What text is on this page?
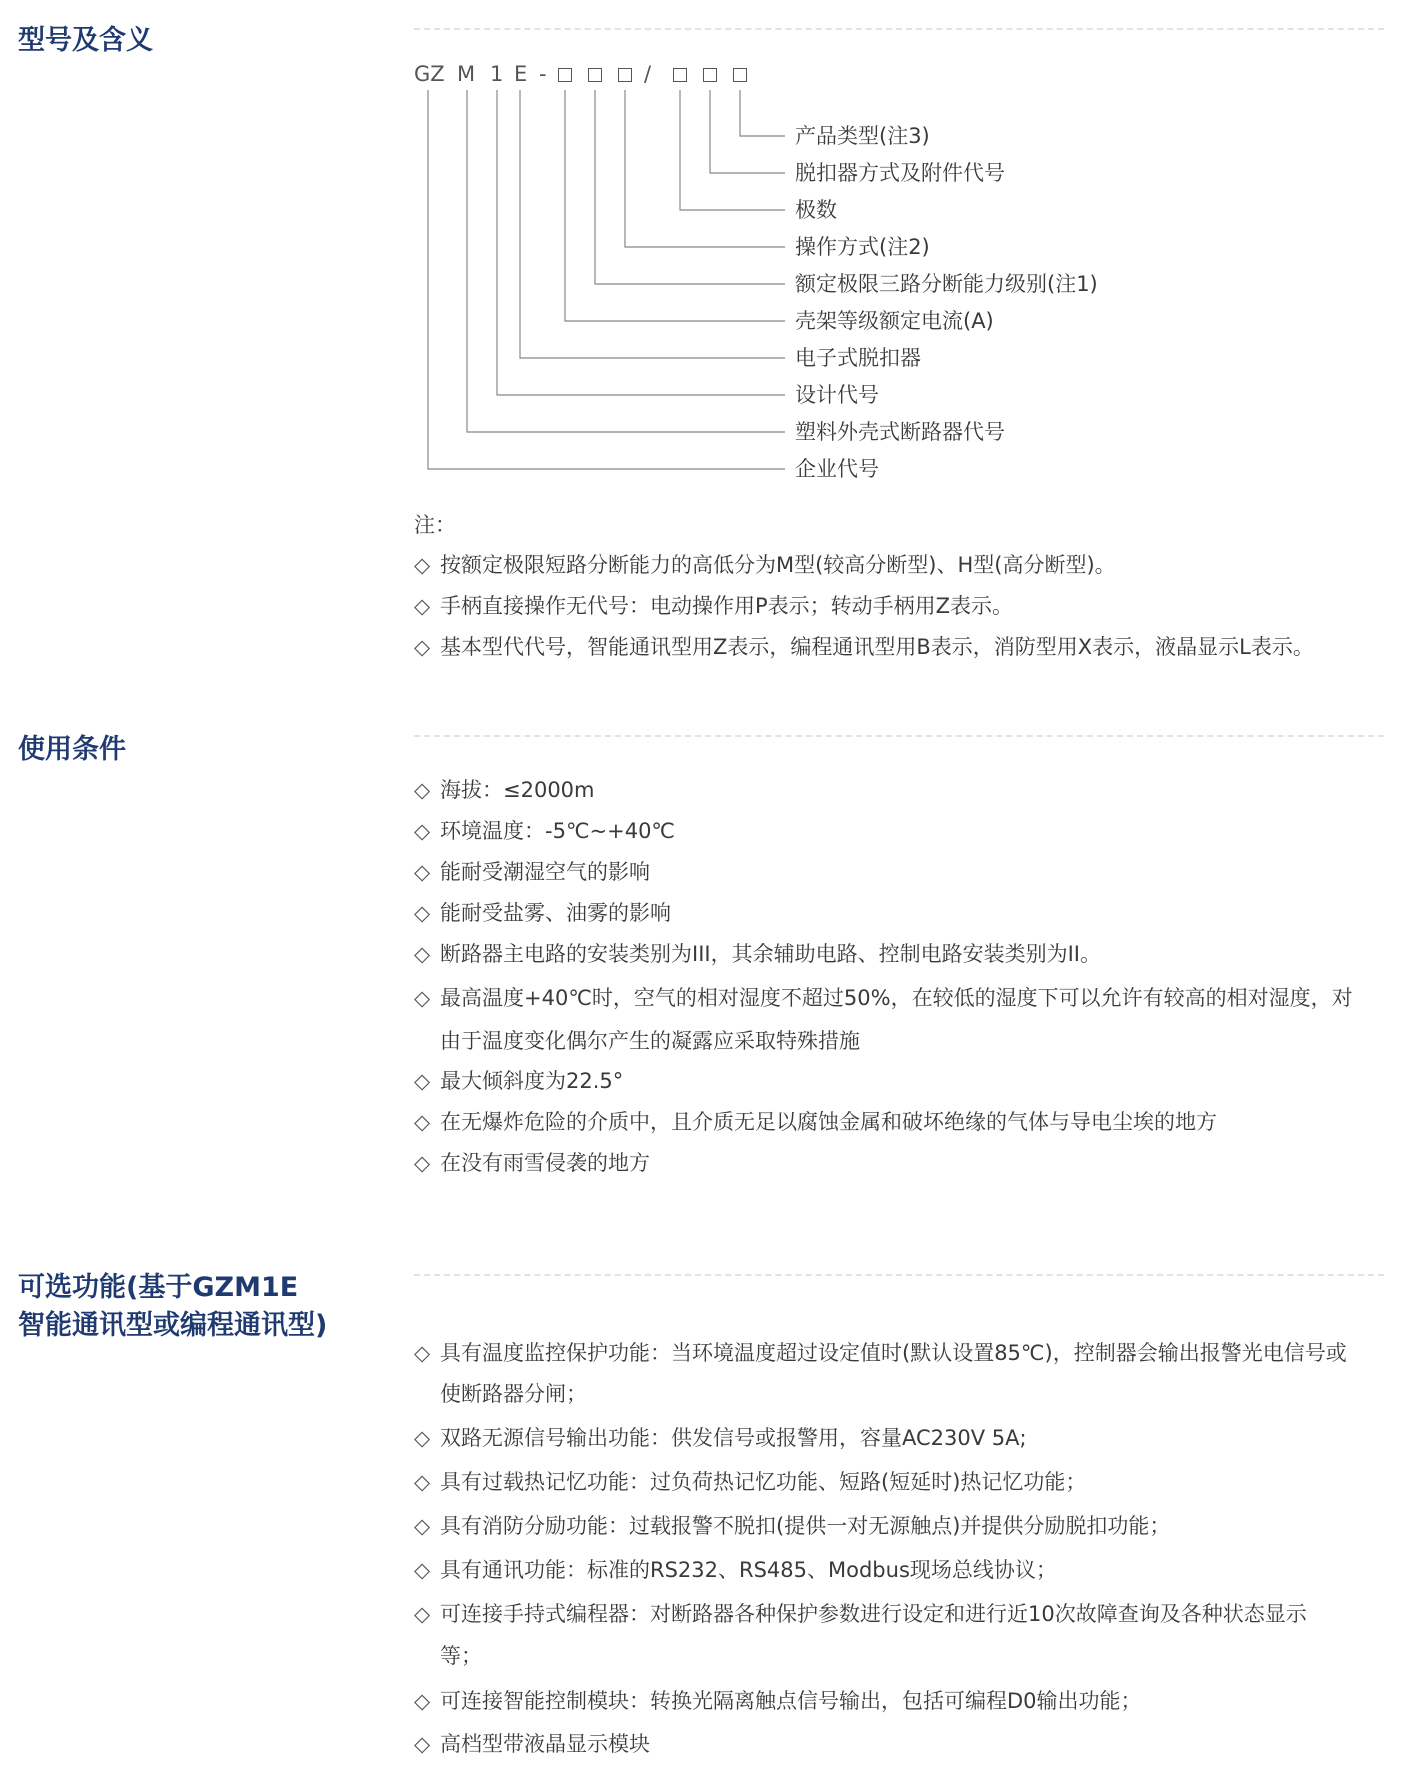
型号及含义
GZ M 1 E -	/
产品类型(注3)
脱扣器方式及附件代号
极数
操作方式(注2)
额定极限三路分断能力级别(注1)
壳架等级额定电流(A)
电子式脱扣器
设计代号
塑料外壳式断路器代号
企业代号
注：
◇ 按额定极限短路分断能力的高低分为M型(较高分断型)、H型(高分断型)。
◇ 手柄直接操作无代号：电动操作用P表示；转动手柄用Z表示。
◇ 基本型代代号，智能通讯型用Z表示，编程通讯型用B表示，消防型用X表示，液晶显示L表示。
使用条件
◇ 海拔：≤2000m
◇ 环境温度：-5℃~+40℃
◇ 能耐受潮湿空气的影响
◇ 能耐受盐雾、油雾的影响
◇ 断路器主电路的安装类别为III，其余辅助电路、控制电路安装类别为II。
◇ 最高温度+40℃时，空气的相对湿度不超过50%，在较低的湿度下可以允许有较高的相对湿度，对
由于温度变化偶尔产生的凝露应采取特殊措施
◇ 最大倾斜度为22.5°
◇ 在无爆炸危险的介质中，且介质无足以腐蚀金属和破坏绝缘的气体与导电尘埃的地方
◇ 在没有雨雪侵袭的地方
可选功能(基于GZM1E
智能通讯型或编程通讯型)
◇ 具有温度监控保护功能：当环境温度超过设定值时(默认设置85℃)，控制器会输出报警光电信号或
使断路器分闸；
◇ 双路无源信号输出功能：供发信号或报警用，容量AC230V 5A;
◇ 具有过载热记忆功能：过负荷热记忆功能、短路(短延时)热记忆功能；
◇ 具有消防分励功能：过载报警不脱扣(提供一对无源触点)并提供分励脱扣功能；
◇ 具有通讯功能：标准的RS232、RS485、Modbus现场总线协议；
◇ 可连接手持式编程器：对断路器各种保护参数进行设定和进行近10次故障查询及各种状态显示
等；
◇ 可连接智能控制模块：转换光隔离触点信号输出，包括可编程D0输出功能；
◇ 高档型带液晶显示模块
